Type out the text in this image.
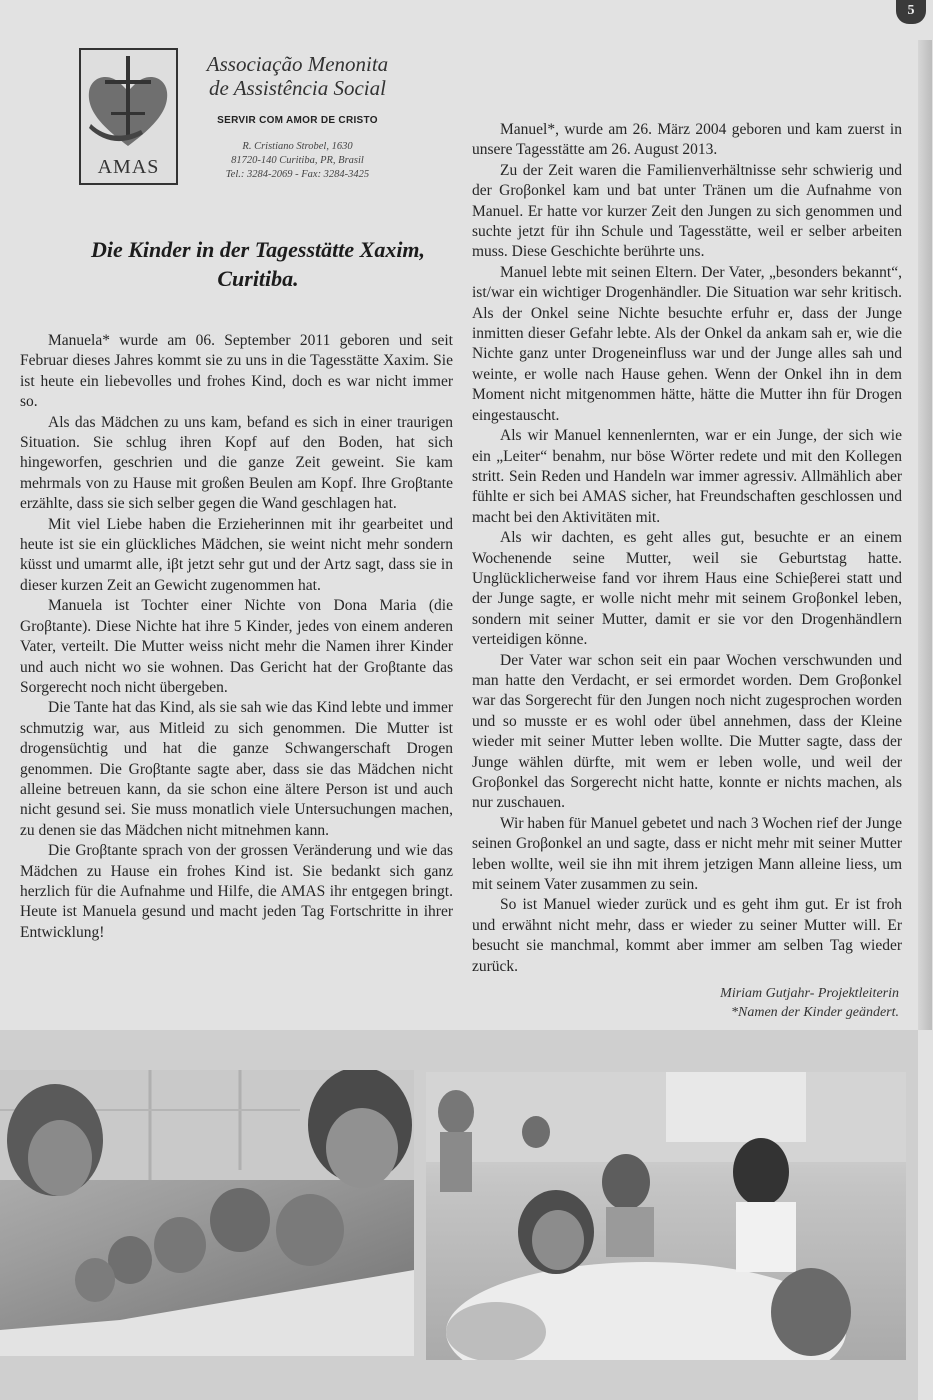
5
AMAS
Associação Menonita
de Assistência Social
SERVIR COM AMOR DE CRISTO
R. Cristiano Strobel, 1630
81720-140 Curitiba, PR, Brasil
Tel.: 3284-2069 - Fax: 3284-3425
Die Kinder in der Tagesstätte Xaxim,
Curitiba.

Manuela* wurde am 06. September 2011 geboren und seit Februar dieses Jahres kommt sie zu uns in die Tagesstätte Xaxim. Sie ist heute ein liebevolles und frohes Kind, doch es war nicht immer so.

Als das Mädchen zu uns kam, befand es sich in einer traurigen Situation. Sie schlug ihren Kopf auf den Boden, hat sich hingeworfen, geschrien und die ganze Zeit geweint. Sie kam mehrmals von zu Hause mit großen Beulen am Kopf. Ihre Groβtante erzählte, dass sie sich selber gegen die Wand geschlagen hat.

Mit viel Liebe haben die Erzieherinnen mit ihr gearbeitet und heute ist sie ein glückliches Mädchen, sie weint nicht mehr sondern küsst und umarmt alle, iβt jetzt sehr gut und der Artz sagt, dass sie in dieser kurzen Zeit an Gewicht zugenommen hat.

Manuela ist Tochter einer Nichte von Dona Maria (die Groβtante). Diese Nichte hat ihre 5 Kinder, jedes von einem anderen Vater, verteilt. Die Mutter weiss nicht mehr die Namen ihrer Kinder und auch nicht wo sie wohnen. Das Gericht hat der Groβtante das Sorgerecht noch nicht übergeben.

Die Tante hat das Kind, als sie sah wie das Kind lebte und immer schmutzig war, aus Mitleid zu sich genommen. Die Mutter ist drogensüchtig und hat die ganze Schwangerschaft Drogen genommen. Die Groβtante sagte aber, dass sie das Mädchen nicht alleine betreuen kann, da sie schon eine ältere Person ist und auch nicht gesund sei. Sie muss monatlich viele Untersuchungen machen, zu denen sie das Mädchen nicht mitnehmen kann.

Die Groβtante sprach von der grossen Veränderung und wie das Mädchen zu Hause ein frohes Kind ist. Sie bedankt sich ganz herzlich für die Aufnahme und Hilfe, die AMAS ihr entgegen bringt. Heute ist Manuela gesund und macht jeden Tag Fortschritte in ihrer Entwicklung!

Manuel*, wurde am 26. März 2004 geboren und kam zuerst in unsere Tagesstätte am 26. August 2013.

Zu der Zeit waren die Familienverhältnisse sehr schwierig und der Groβonkel kam und bat unter Tränen um die Aufnahme von Manuel. Er hatte vor kurzer Zeit den Jungen zu sich genommen und suchte jetzt für ihn Schule und Tagesstätte, weil er selber arbeiten muss. Diese Geschichte berührte uns.

Manuel lebte mit seinen Eltern. Der Vater, „besonders bekannt“, ist/war ein wichtiger Drogenhändler. Die Situation war sehr kritisch. Als der Onkel seine Nichte besuchte erfuhr er, dass der Junge inmitten dieser Gefahr lebte. Als der Onkel da ankam sah er, wie die Nichte ganz unter Drogeneinfluss war und der Junge alles sah und weinte, er wolle nach Hause gehen. Wenn der Onkel ihn in dem Moment nicht mitgenommen hätte, hätte die Mutter ihn für Drogen eingestauscht.

Als wir Manuel kennenlernten, war er ein Junge, der sich wie ein „Leiter“ benahm, nur böse Wörter redete und mit den Kollegen stritt. Sein Reden und Handeln war immer agressiv. Allmählich aber fühlte er sich bei AMAS sicher, hat Freundschaften geschlossen und macht bei den Aktivitäten mit.

Als wir dachten, es geht alles gut, besuchte er an einem Wochenende seine Mutter, weil sie Geburtstag hatte. Unglücklicherweise fand vor ihrem Haus eine Schieβerei statt und der Junge sagte, er wolle nicht mehr mit seinem Groβonkel leben, sondern mit seiner Mutter, damit er sie vor den Drogenhändlern verteidigen könne.

Der Vater war schon seit ein paar Wochen verschwunden und man hatte den Verdacht, er sei ermordet worden. Dem Groβonkel war das Sorgerecht für den Jungen noch nicht zugesprochen worden und so musste er es wohl oder übel annehmen, dass der Kleine wieder mit seiner Mutter leben wollte. Die Mutter sagte, dass der Junge wählen dürfte, mit wem er leben wolle, und weil der Groβonkel das Sorgerecht nicht hatte, konnte er nichts machen, als nur zuschauen.

Wir haben für Manuel gebetet und nach 3 Wochen rief der Junge seinen Groβonkel an und sagte, dass er nicht mehr mit seiner Mutter leben wollte, weil sie ihn mit ihrem jetzigen Mann alleine liess, um mit seinem Vater zusammen zu sein.

So ist Manuel wieder zurück und es geht ihm gut. Er ist froh und erwähnt nicht mehr, dass er wieder zu seiner Mutter will. Er besucht sie manchmal, kommt aber immer am selben Tag wieder zurück.

Miriam Gutjahr- Projektleiterin
*Namen der Kinder geändert.
